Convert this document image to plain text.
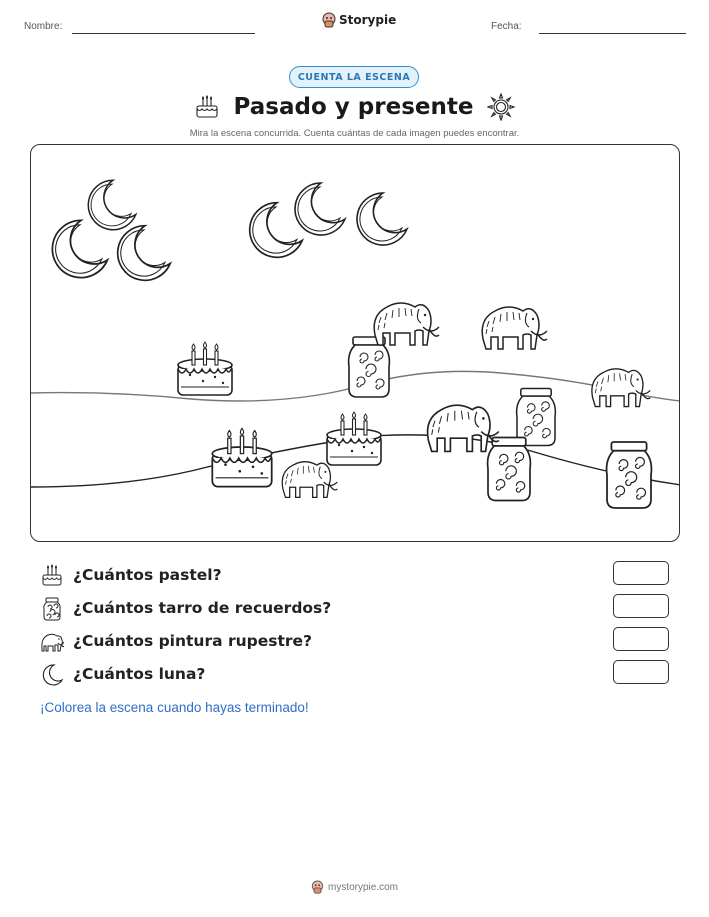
Nombre:	Storypie	Fecha:
CUENTA LA ESCENA
Pasado y presente
Mira la escena concurrida. Cuenta cuántas de cada imagen puedes encontrar.
¿Cuántos pastel?
¿Cuántos tarro de recuerdos?
¿Cuántos pintura rupestre?
¿Cuántos luna?
¡Colorea la escena cuando hayas terminado!
mystorypie.com
